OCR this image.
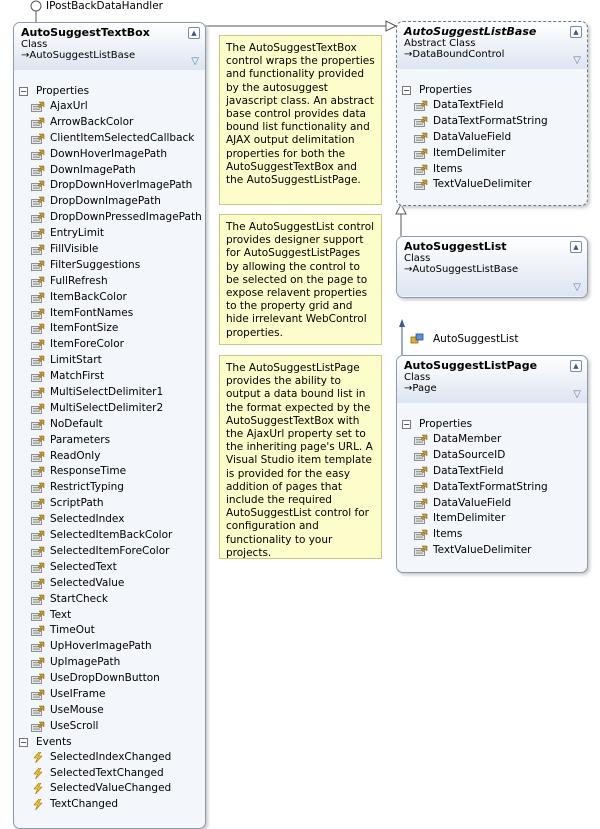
IPostBackDataHandler
AutoSuggestList
AutoSuggestTextBox
Class
→ AutoSuggestListBase
▲
▽
− Properties
AjaxUrl
ArrowBackColor
ClientItemSelectedCallback
DownHoverImagePath
DownImagePath
DropDownHoverImagePath
DropDownImagePath
DropDownPressedImagePath
EntryLimit
FillVisible
FilterSuggestions
FullRefresh
ItemBackColor
ItemFontNames
ItemFontSize
ItemForeColor
LimitStart
MatchFirst
MultiSelectDelimiter1
MultiSelectDelimiter2
NoDefault
Parameters
ReadOnly
ResponseTime
RestrictTyping
ScriptPath
SelectedIndex
SelectedItemBackColor
SelectedItemForeColor
SelectedText
SelectedValue
StartCheck
Text
TimeOut
UpHoverImagePath
UpImagePath
UseDropDownButton
UseIFrame
UseMouse
UseScroll
− Events
SelectedIndexChanged
SelectedTextChanged
SelectedValueChanged
TextChanged
The AutoSuggestTextBox control wraps the properties and functionality provided by the autosuggest javascript class. An abstract base control provides data bound list functionality and AJAX output delimitation properties for both the AutoSuggestTextBox and the AutoSuggestListPage.
The AutoSuggestList control provides designer support for AutoSuggestListPages by allowing the control to be selected on the page to expose relavent properties to the property grid and hide irrelevant WebControl properties.
The AutoSuggestListPage provides the ability to output a data bound list in the format expected by the AutoSuggestTextBox with the AjaxUrl property set to the inheriting page's URL. A Visual Studio item template is provided for the easy addition of pages that include the required AutoSuggestList control for configuration and functionality to your projects.
AutoSuggestListBase
Abstract Class
→ DataBoundControl
▲
▽
− Properties
DataTextField
DataTextFormatString
DataValueField
ItemDelimiter
Items
TextValueDelimiter
AutoSuggestList
Class
→ AutoSuggestListBase
▲
▽
AutoSuggestListPage
Class
→ Page
▲
▽
− Properties
DataMember
DataSourceID
DataTextField
DataTextFormatString
DataValueField
ItemDelimiter
Items
TextValueDelimiter
